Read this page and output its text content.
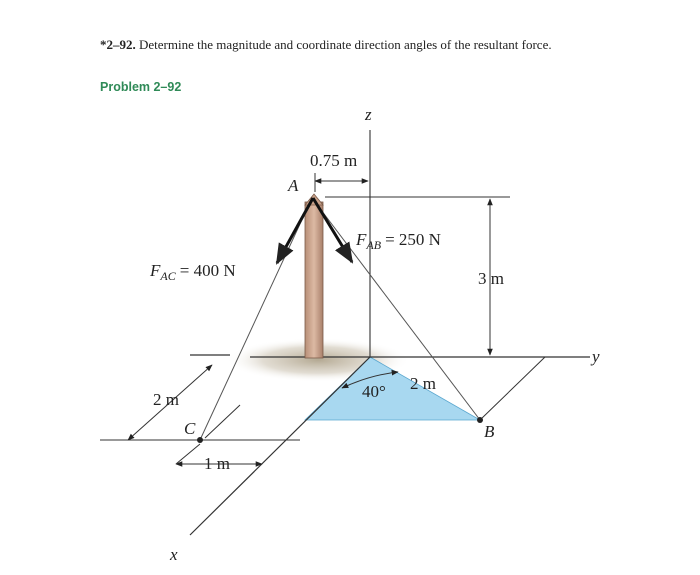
*2–92. Determine the magnitude and coordinate direction angles of the resultant force.
Problem 2–92
z
y
x
A
B
C
0.75 m
3 m
2 m
2 m
1 m
40°
$F_{AB} = 250$ N
$F_{AC} = 400$ N
